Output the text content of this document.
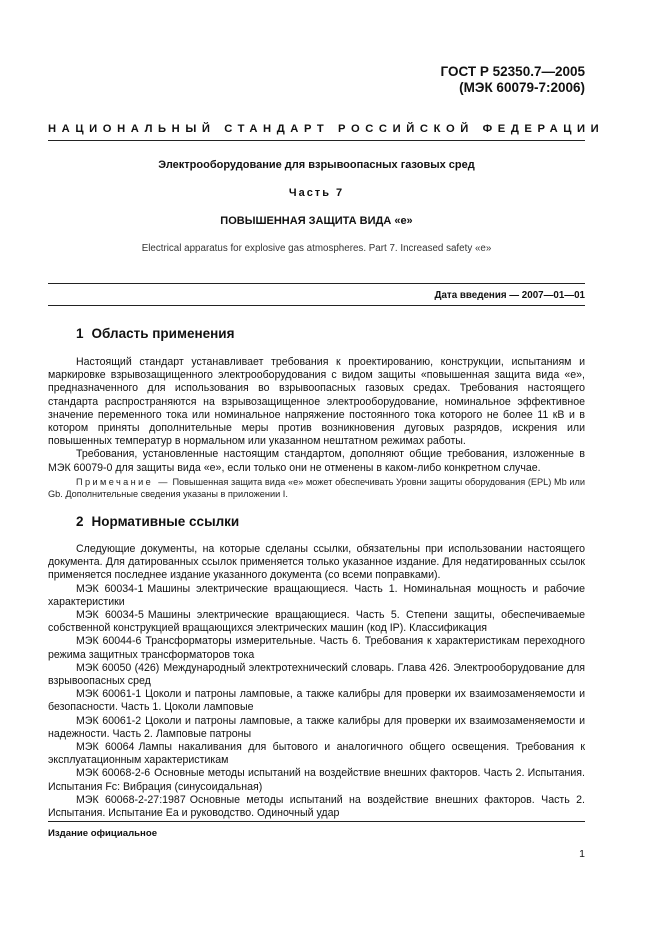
ГОСТ Р 52350.7—2005
(МЭК 60079-7:2006)
НАЦИОНАЛЬНЫЙ СТАНДАРТ РОССИЙСКОЙ ФЕДЕРАЦИИ
Электрооборудование для взрывоопасных газовых сред
Часть 7
ПОВЫШЕННАЯ ЗАЩИТА ВИДА «е»
Electrical apparatus for explosive gas atmospheres. Part 7. Increased safety «е»
Дата введения — 2007—01—01
1 Область применения

Настоящий стандарт устанавливает требования к проектированию, конструкции, испытаниям и маркировке взрывозащищенного электрооборудования с видом защиты «повышенная защита вида «е», предназначенного для использования во взрывоопасных газовых средах. Требования настоящего стандарта распространяются на взрывозащищенное электрооборудование, номинальное эффективное значение переменного тока или номинальное напряжение постоянного тока которого не более 11 кВ и в котором приняты дополнительные меры против возникновения дуговых разрядов, искрения или повышенных температур в нормальном или указанном нештатном режимах работы.

Требования, установленные настоящим стандартом, дополняют общие требования, изложенные в МЭК 60079-0 для защиты вида «е», если только они не отменены в каком-либо конкретном случае.

Примечание — Повышенная защита вида «е» может обеспечивать Уровни защиты оборудования (EPL) Mb или Gb. Дополнительные сведения указаны в приложении I.

2 Нормативные ссылки

Следующие документы, на которые сделаны ссылки, обязательны при использовании настоящего документа. Для датированных ссылок применяется только указанное издание. Для недатированных ссылок применяется последнее издание указанного документа (со всеми поправками).

МЭК 60034-1 Машины электрические вращающиеся. Часть 1. Номинальная мощность и рабочие характеристики

МЭК 60034-5 Машины электрические вращающиеся. Часть 5. Степени защиты, обеспечиваемые собственной конструкцией вращающихся электрических машин (код IP). Классификация

МЭК 60044-6 Трансформаторы измерительные. Часть 6. Требования к характеристикам переходного режима защитных трансформаторов тока

МЭК 60050 (426) Международный электротехнический словарь. Глава 426. Электрооборудование для взрывоопасных сред

МЭК 60061-1 Цоколи и патроны ламповые, а также калибры для проверки их взаимозаменяемости и безопасности. Часть 1. Цоколи ламповые

МЭК 60061-2 Цоколи и патроны ламповые, а также калибры для проверки их взаимозаменяемости и надежности. Часть 2. Ламповые патроны

МЭК 60064 Лампы накаливания для бытового и аналогичного общего освещения. Требования к эксплуатационным характеристикам

МЭК 60068-2-6 Основные методы испытаний на воздействие внешних факторов. Часть 2. Испытания. Испытания Fc: Вибрация (синусоидальная)

МЭК 60068-2-27:1987 Основные методы испытаний на воздействие внешних факторов. Часть 2. Испытания. Испытание Ea и руководство. Одиночный удар

Издание официальное
1
